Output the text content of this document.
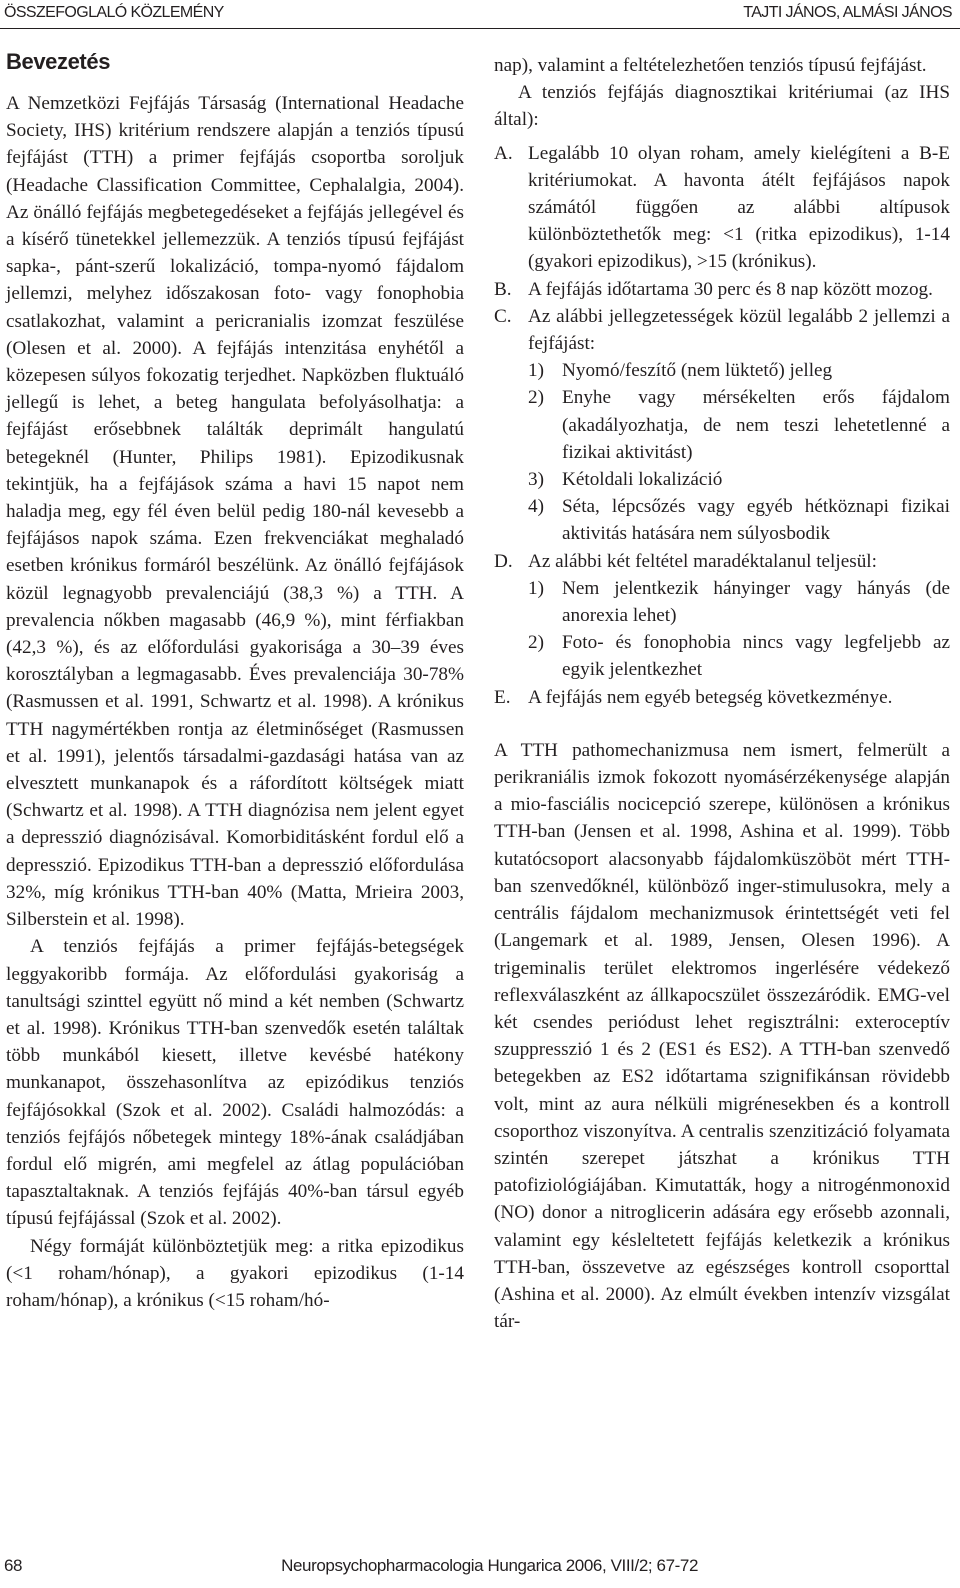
ÖSSZEFOGLALÓ KÖZLEMÉNY	TAJTI JÁNOS, ALMÁSI JÁNOS
Bevezetés

A Nemzetközi Fejfájás Társaság (International Headache Society, IHS) kritérium rendszere alapján a tenziós típusú fejfájást (TTH) a primer fejfájás csoportba soroljuk (Headache Classification Committee, Cephalalgia, 2004). Az önálló fejfájás megbetegedéseket a fejfájás jellegével és a kísérő tünetekkel jellemezzük. A tenziós típusú fejfájást sapka-, pánt-szerű lokalizáció, tompa-nyomó fájdalom jellemzi, melyhez időszakosan foto- vagy fonophobia csatlakozhat, valamint a pericranialis izomzat feszülése (Olesen et al. 2000). A fejfájás intenzitása enyhétől a közepesen súlyos fokozatig terjedhet. Napközben fluktuáló jellegű is lehet, a beteg hangulata befolyásolhatja: a fejfájást erősebbnek találták deprimált hangulatú betegeknél (Hunter, Philips 1981). Epizodikusnak tekintjük, ha a fejfájások száma a havi 15 napot nem haladja meg, egy fél éven belül pedig 180-nál kevesebb a fejfájásos napok száma. Ezen frekvenciákat meghaladó esetben krónikus formáról beszélünk. Az önálló fejfájások közül legnagyobb prevalenciájú (38,3 %) a TTH. A prevalencia nőkben magasabb (46,9 %), mint férfiakban (42,3 %), és az előfordulási gyakorisága a 30–39 éves korosztályban a legmagasabb. Éves prevalenciája 30-78% (Rasmussen et al. 1991, Schwartz et al. 1998). A krónikus TTH nagymértékben rontja az életminőséget (Rasmussen et al. 1991), jelentős társadalmi-gazdasági hatása van az elvesztett munkanapok és a ráfordított költségek miatt (Schwartz et al. 1998). A TTH diagnózisa nem jelent egyet a depresszió diagnózisával. Komorbiditásként fordul elő a depresszió. Epizodikus TTH-ban a depresszió előfordulása 32%, míg krónikus TTH-ban 40% (Matta, Mrieira 2003, Silberstein et al. 1998).

A tenziós fejfájás a primer fejfájás-betegségek leggyakoribb formája. Az előfordulási gyakoriság a tanultsági szinttel együtt nő mind a két nemben (Schwartz et al. 1998). Krónikus TTH-ban szenvedők esetén találtak több munkából kiesett, illetve kevésbé hatékony munkanapot, összehasonlítva az epizódikus tenziós fejfájósokkal (Szok et al. 2002). Családi halmozódás: a tenziós fejfájós nőbetegek mintegy 18%-ának családjában fordul elő migrén, ami megfelel az átlag populációban tapasztaltaknak. A tenziós fejfájás 40%-ban társul egyéb típusú fejfájással (Szok et al. 2002).

Négy formáját különböztetjük meg: a ritka epizodikus (<1 roham/hónap), a gyakori epizodikus (1-14 roham/hónap), a krónikus (<15 roham/hó-

nap), valamint a feltételezhetően tenziós típusú fejfájást.

A tenziós fejfájás diagnosztikai kritériumai (az IHS által):

A. Legalább 10 olyan roham, amely kielégíteni a B-E kritériumokat. A havonta átélt fejfájásos napok számától függően az alábbi altípusok különböztethetők meg: <1 (ritka epizodikus), 1-14 (gyakori epizodikus), >15 (krónikus).
B. A fejfájás időtartama 30 perc és 8 nap között mozog.
C. Az alábbi jellegzetességek közül legalább 2 jellemzi a fejfájást:
1) Nyomó/feszítő (nem lüktető) jelleg
2) Enyhe vagy mérsékelten erős fájdalom (akadályozhatja, de nem teszi lehetetlenné a fizikai aktivitást)
3) Kétoldali lokalizáció
4) Séta, lépcsőzés vagy egyéb hétköznapi fizikai aktivitás hatására nem súlyosbodik
D. Az alábbi két feltétel maradéktalanul teljesül:
1) Nem jelentkezik hányinger vagy hányás (de anorexia lehet)
2) Foto- és fonophobia nincs vagy legfeljebb az egyik jelentkezhet
E. A fejfájás nem egyéb betegség következménye.

A TTH pathomechanizmusa nem ismert, felmerült a perikraniális izmok fokozott nyomásérzékenysége alapján a mio-fasciális nocicepció szerepe, különösen a krónikus TTH-ban (Jensen et al. 1998, Ashina et al. 1999). Több kutatócsoport alacsonyabb fájdalomküszöböt mért TTH-ban szenvedőknél, különböző inger-stimulusokra, mely a centrális fájdalom mechanizmusok érintettségét veti fel (Langemark et al. 1989, Jensen, Olesen 1996). A trigeminalis terület elektromos ingerlésére védekező reflexválaszként az állkapocszület összezáródik. EMG-vel két csendes periódust lehet regisztrálni: exteroceptív szuppresszió 1 és 2 (ES1 és ES2). A TTH-ban szenvedő betegekben az ES2 időtartama szignifikánsan rövidebb volt, mint az aura nélküli migrénesekben és a kontroll csoporthoz viszonyítva. A centralis szenzitizáció folyamata szintén szerepet játszhat a krónikus TTH patofiziológiájában. Kimutatták, hogy a nitrogénmonoxid (NO) donor a nitroglicerin adására egy erősebb azonnali, valamint egy késleltetett fejfájás keletkezik a krónikus TTH-ban, összevetve az egészséges kontroll csoporttal (Ashina et al. 2000). Az elmúlt években intenzív vizsgálat tár-

68	Neuropsychopharmacologia Hungarica 2006, VIII/2; 67-72
